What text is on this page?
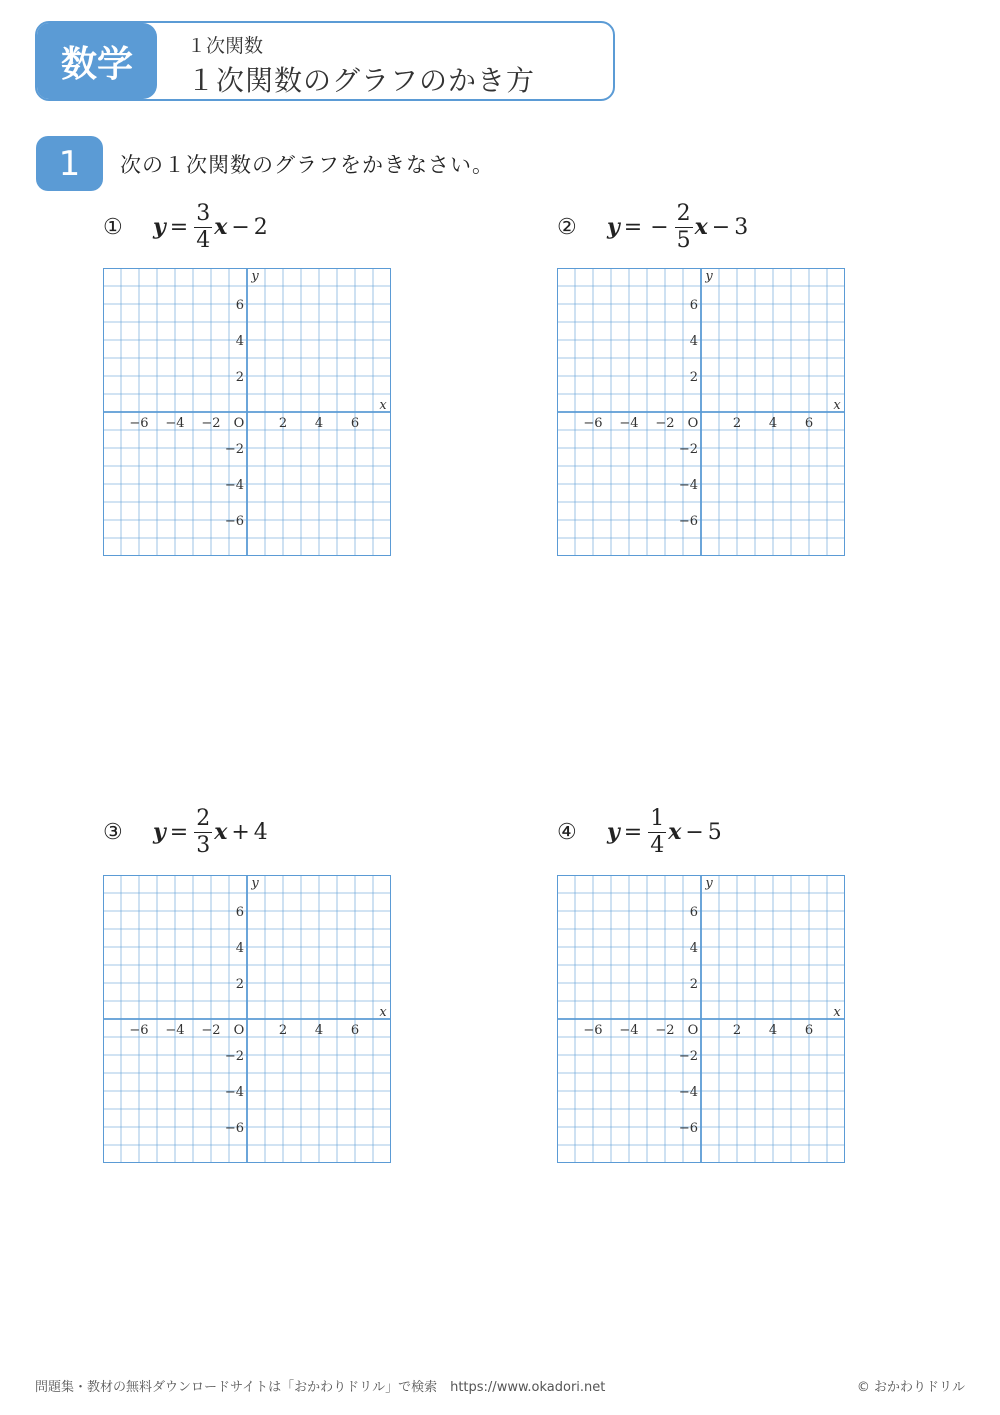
数学	１次関数
１次関数のグラフのかき方
1	次の１次関数のグラフをかきなさい。
①	$y = \frac{3}{4}$ x − 2	②	y = − $\frac{2}{5}$ x − 3
③	$y = \frac{2}{3}$ x + 4	④	$y = \frac{1}{4}$ x − 5
−6 −4 −2	2 4 6
6
4
2
−2
−4
−6
O
x
y
−6 −4 −2	2 4 6
6
4
2
−2
−4
−6
O
x
y
−6 −4 −2	2 4 6
6
4
2
−2
−4
−6
O
x
y
−6 −4 −2	2 4 6
6
4
2
−2
−4
−6
O
x
y
問題集・教材の無料ダウンロードサイトは「おかわりドリル」で検索　https://www.okadori.net	© おかわりドリル
